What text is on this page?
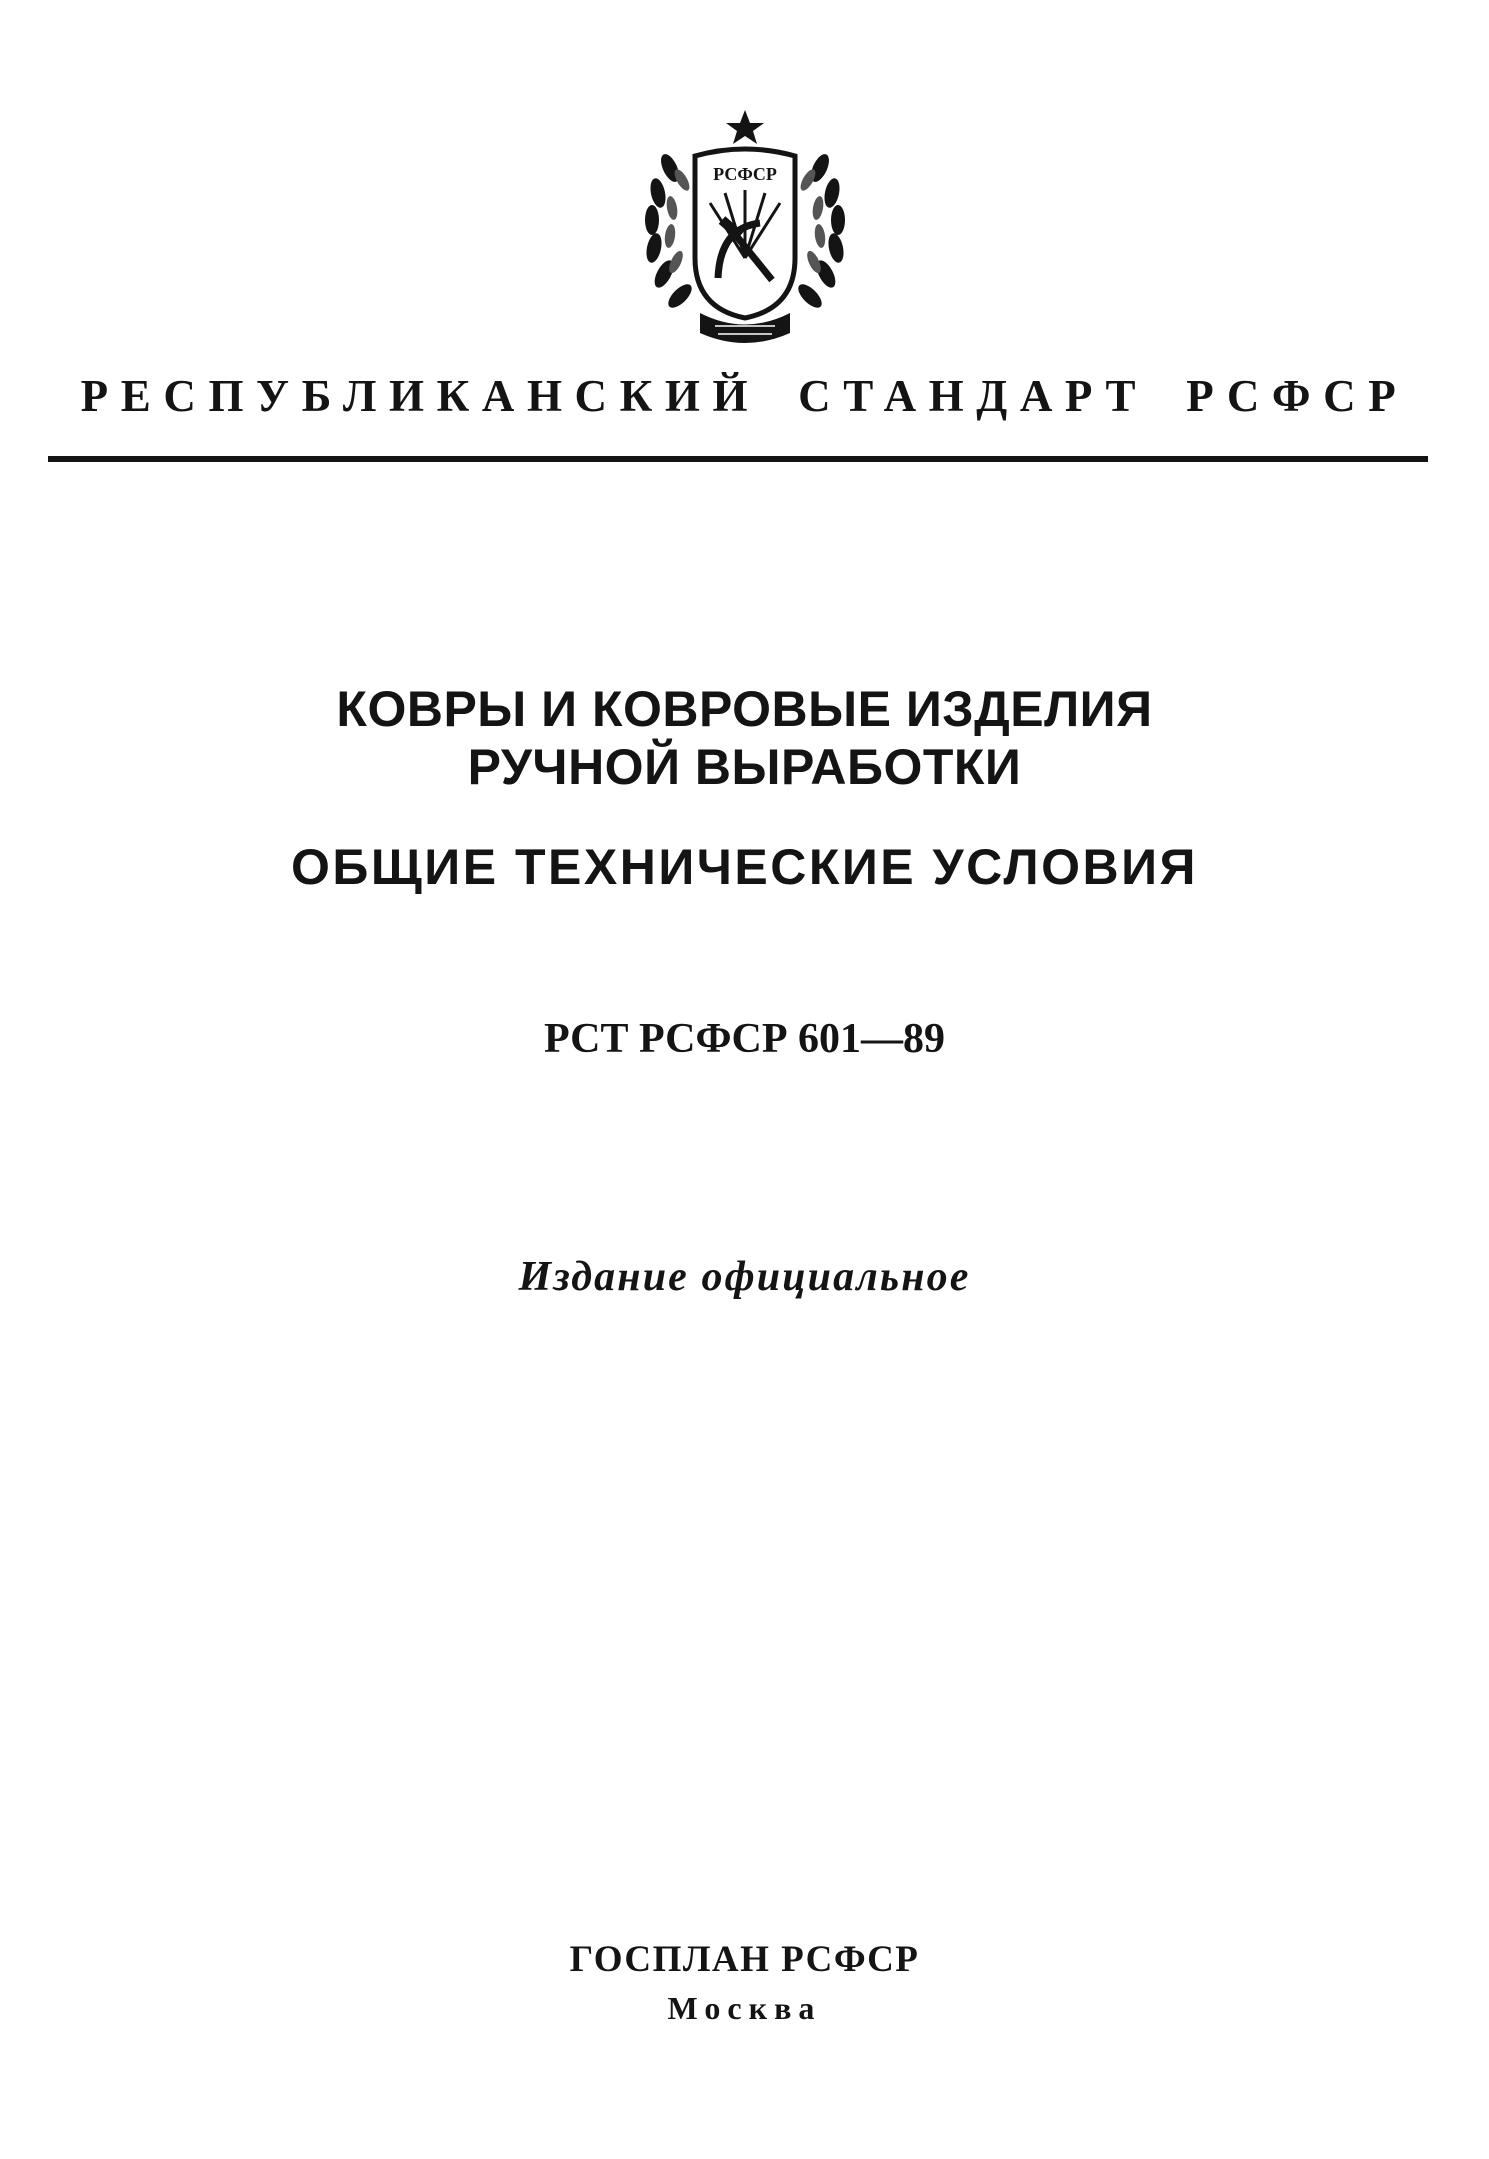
РСФСР
РЕСПУБЛИКАНСКИЙ СТАНДАРТ РСФСР
КОВРЫ И КОВРОВЫЕ ИЗДЕЛИЯ
РУЧНОЙ ВЫРАБОТКИ
ОБЩИЕ ТЕХНИЧЕСКИЕ УСЛОВИЯ
РСТ РСФСР 601—89
Издание официальное
ГОСПЛАН РСФСР
Москва
